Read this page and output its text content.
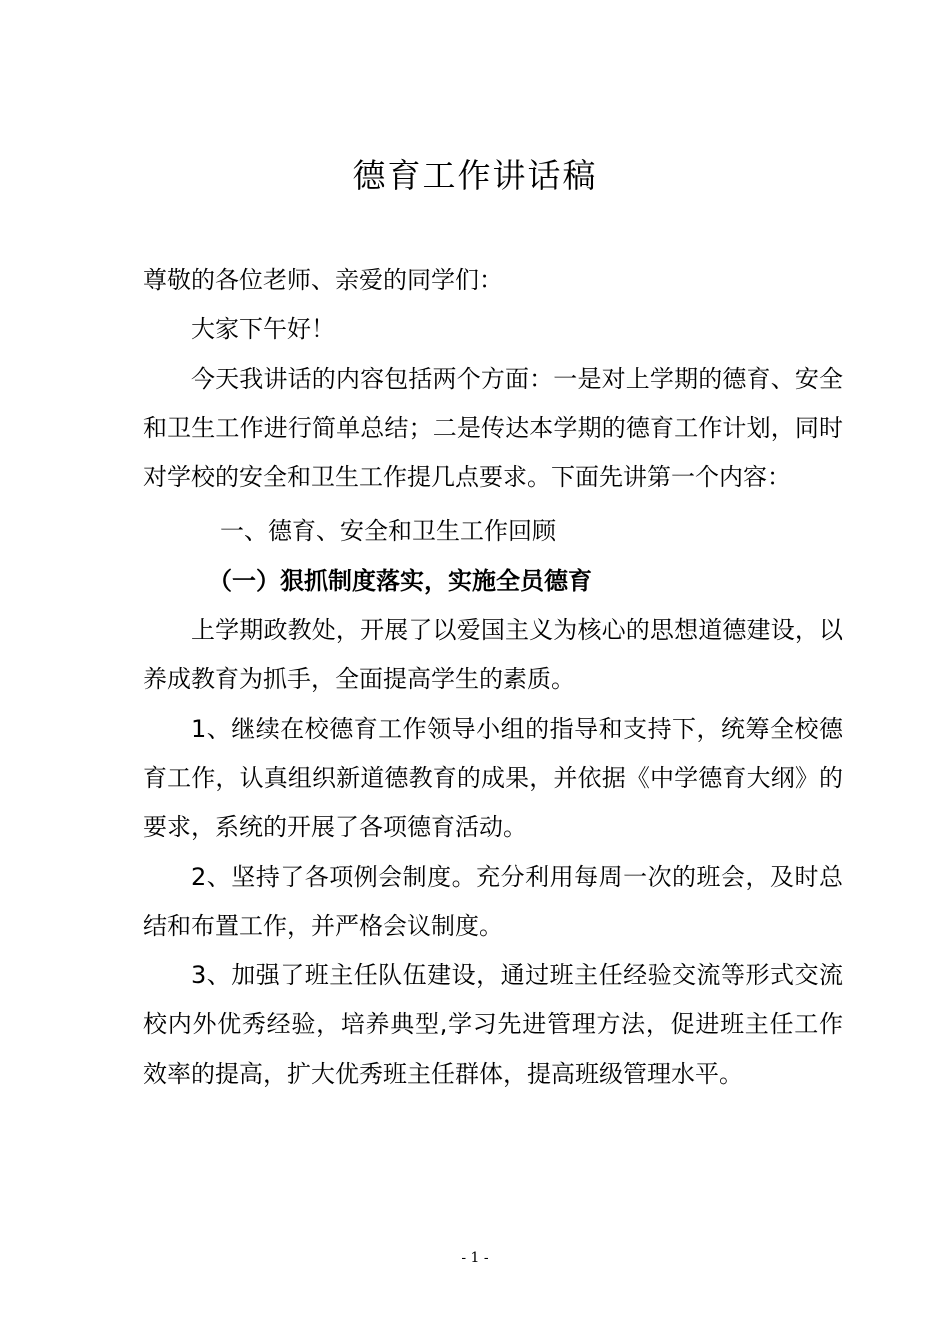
德育工作讲话稿

尊敬的各位老师、亲爱的同学们：

大家下午好！

今天我讲话的内容包括两个方面：一是对上学期的德育、安全和卫生工作进行简单总结；二是传达本学期的德育工作计划，同时对学校的安全和卫生工作提几点要求。下面先讲第一个内容：

一、德育、安全和卫生工作回顾

（一）狠抓制度落实，实施全员德育

上学期政教处，开展了以爱国主义为核心的思想道德建设，以养成教育为抓手，全面提高学生的素质。

1、继续在校德育工作领导小组的指导和支持下，统筹全校德育工作，认真组织新道德教育的成果，并依据《中学德育大纲》的要求，系统的开展了各项德育活动。

2、坚持了各项例会制度。充分利用每周一次的班会，及时总结和布置工作，并严格会议制度。

3、加强了班主任队伍建设，通过班主任经验交流等形式交流校内外优秀经验，培养典型,学习先进管理方法，促进班主任工作效率的提高，扩大优秀班主任群体，提高班级管理水平。

- 1 -
